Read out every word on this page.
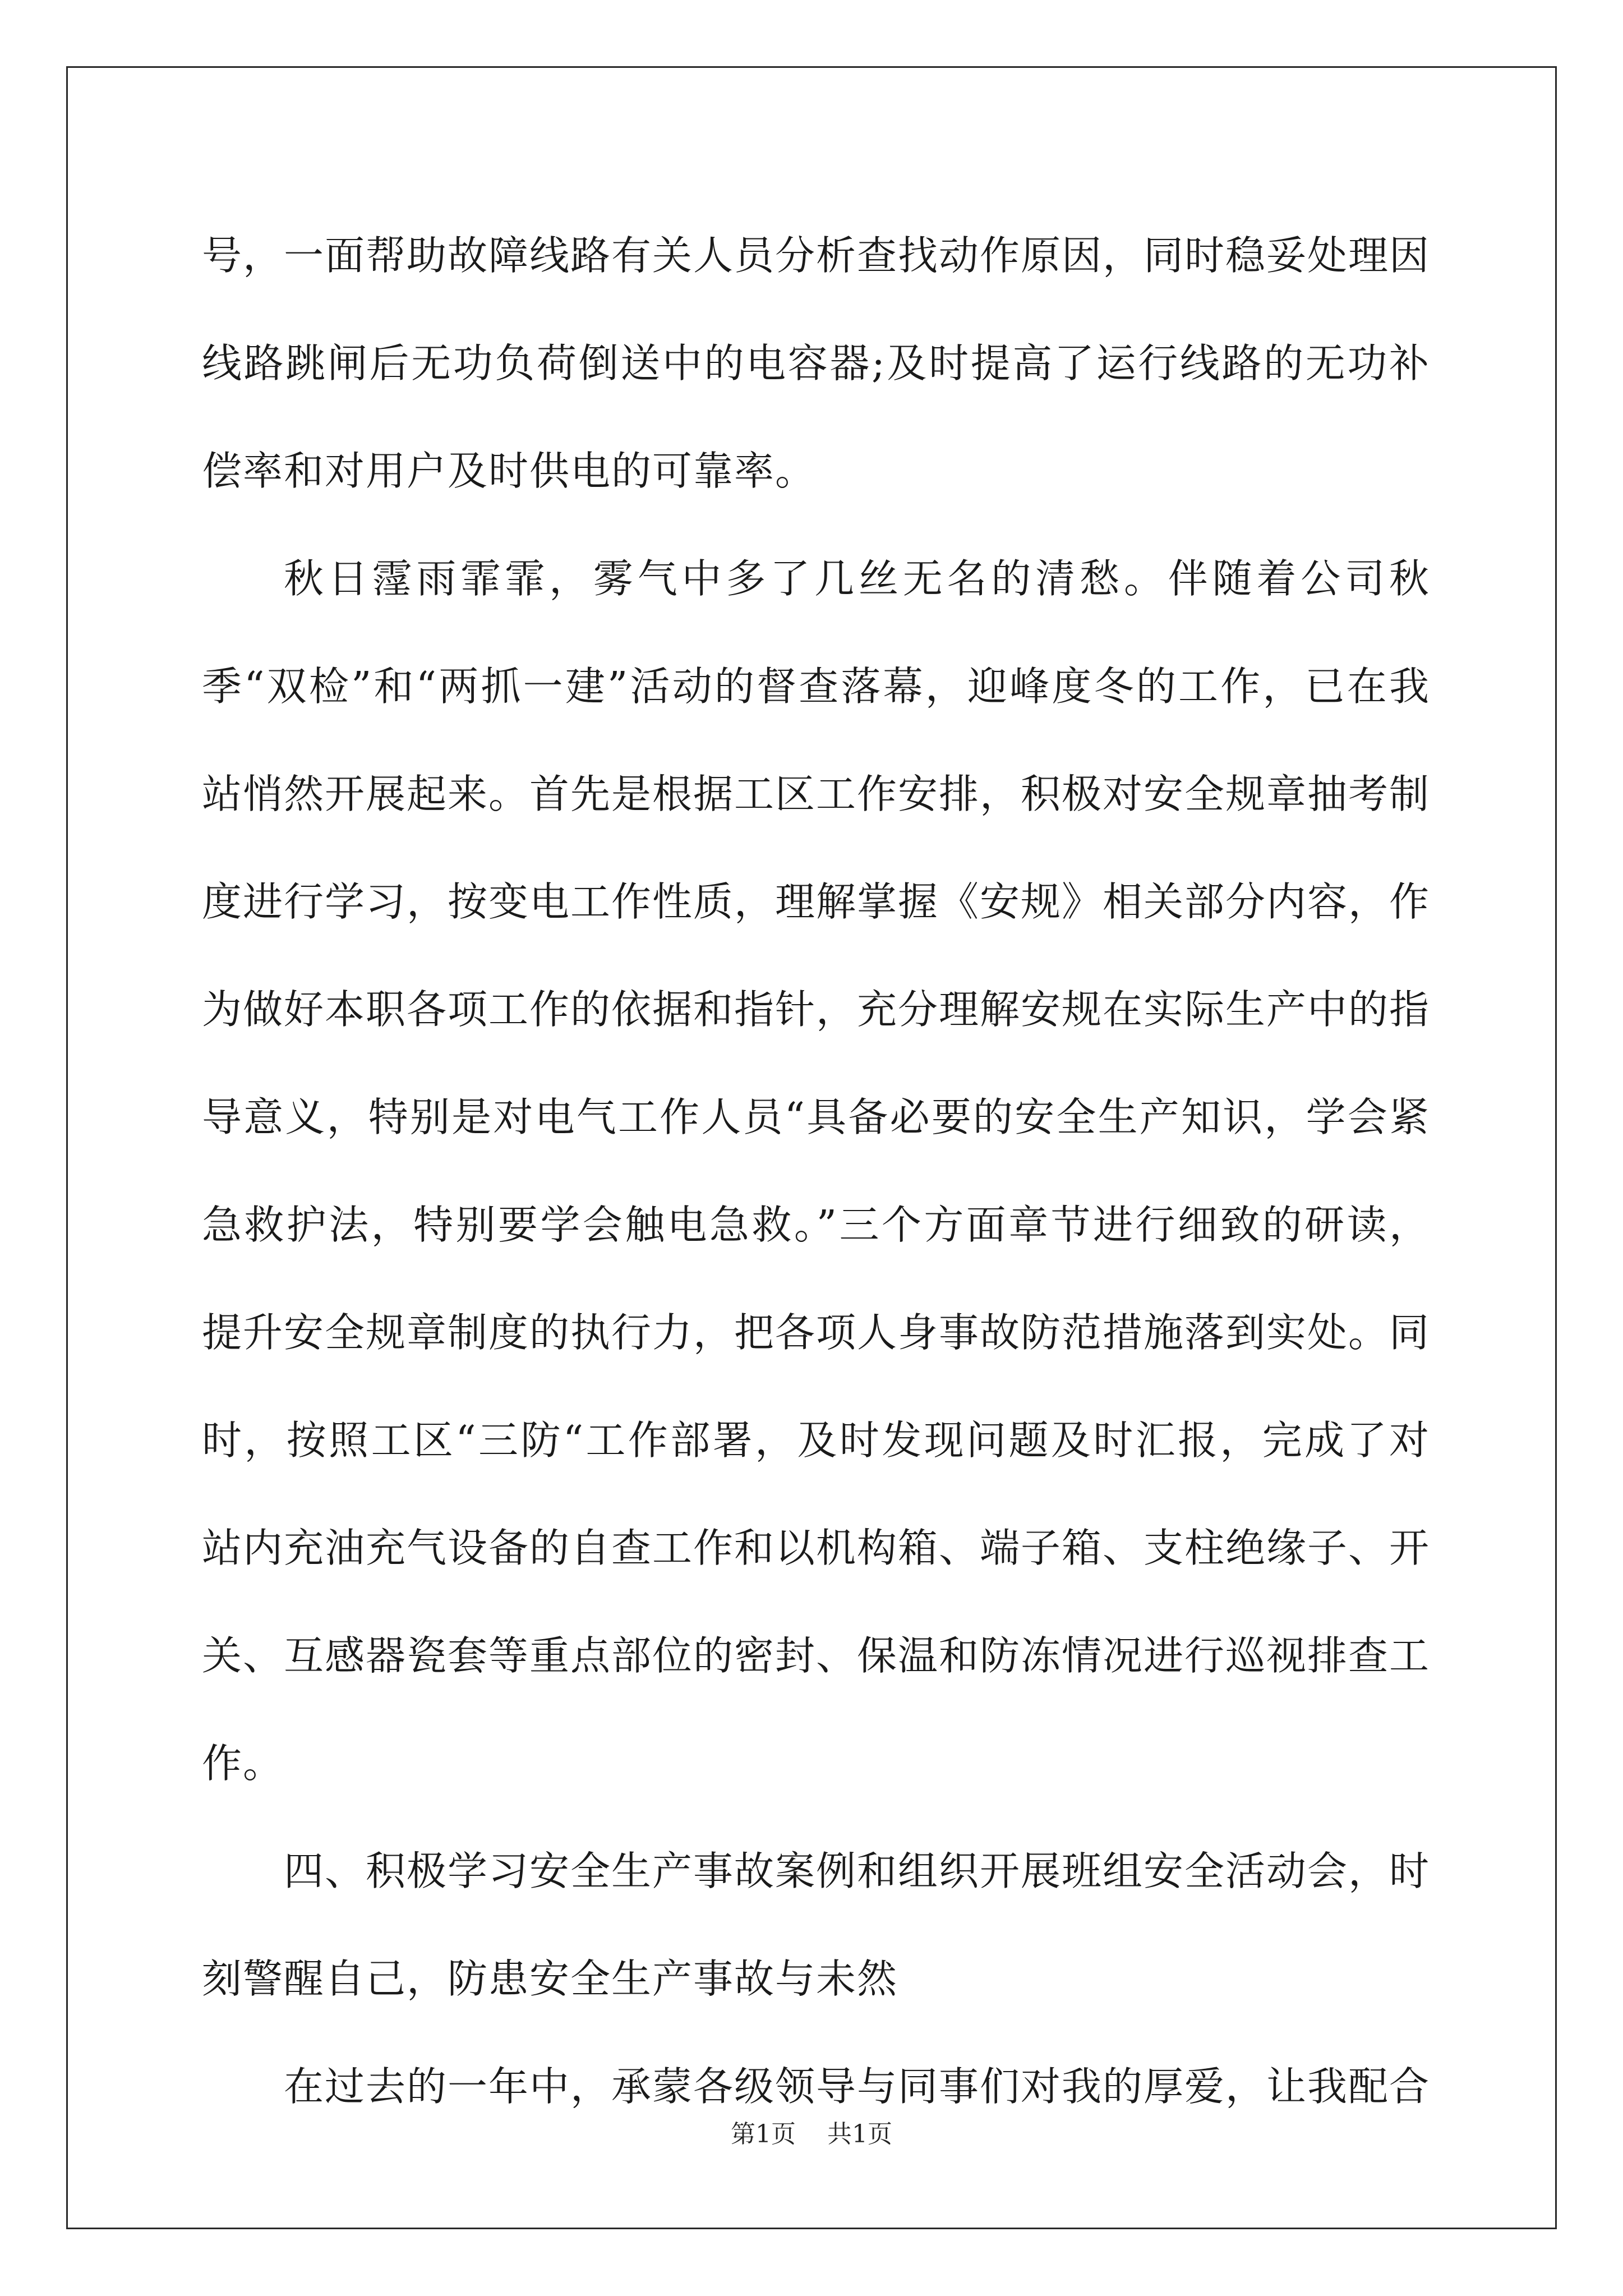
号，一面帮助故障线路有关人员分析查找动作原因，同时稳妥处理因线路跳闸后无功负荷倒送中的电容器;及时提高了运行线路的无功补偿率和对用户及时供电的可靠率。

秋日霪雨霏霏，雾气中多了几丝无名的清愁。伴随着公司秋季“双检”和“两抓一建”活动的督查落幕，迎峰度冬的工作，已在我站悄然开展起来。首先是根据工区工作安排，积极对安全规章抽考制度进行学习，按变电工作性质，理解掌握《安规》相关部分内容，作为做好本职各项工作的依据和指针，充分理解安规在实际生产中的指导意义，特别是对电气工作人员“具备必要的安全生产知识，学会紧急救护法，特别要学会触电急救。”三个方面章节进行细致的研读，提升安全规章制度的执行力，把各项人身事故防范措施落到实处。同时，按照工区“三防“工作部署，及时发现问题及时汇报，完成了对站内充油充气设备的自查工作和以机构箱、端子箱、支柱绝缘子、开关、互感器瓷套等重点部位的密封、保温和防冻情况进行巡视排查工作。

四、积极学习安全生产事故案例和组织开展班组安全活动会，时刻警醒自己，防患安全生产事故与未然

在过去的一年中，承蒙各级领导与同事们对我的厚爱，让我配合

第1页 共1页
